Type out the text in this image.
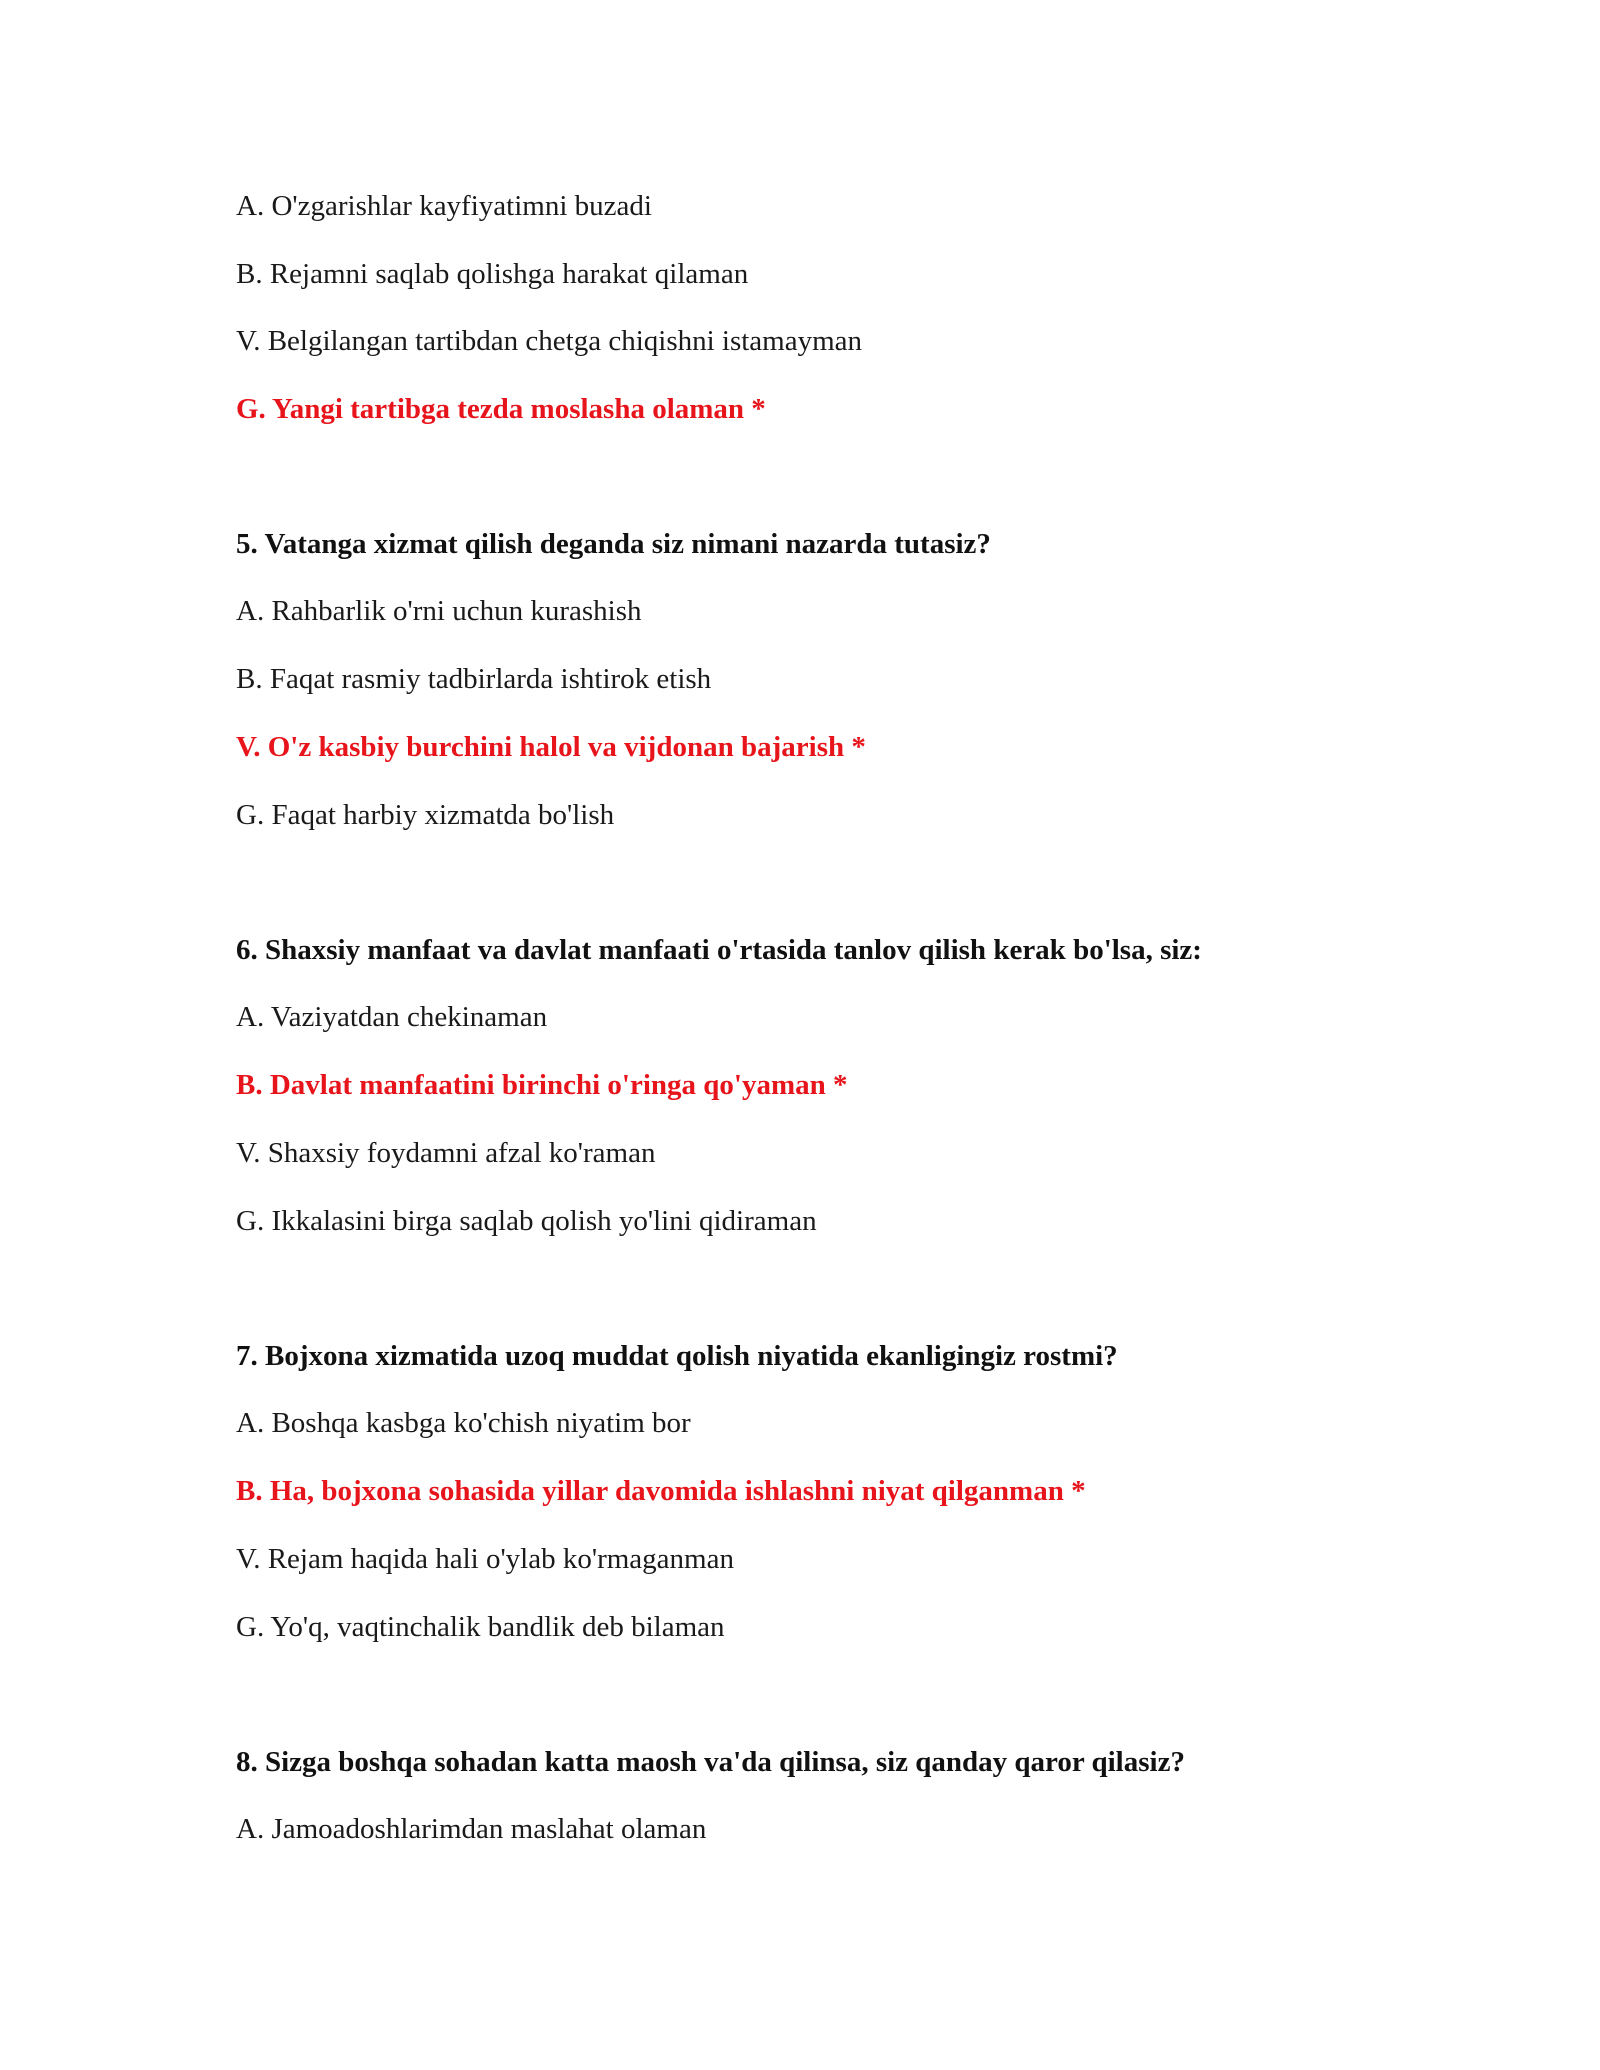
A. O'zgarishlar kayfiyatimni buzadi
B. Rejamni saqlab qolishga harakat qilaman
V. Belgilangan tartibdan chetga chiqishni istamayman
G. Yangi tartibga tezda moslasha olaman *
5. Vatanga xizmat qilish deganda siz nimani nazarda tutasiz?
A. Rahbarlik o'rni uchun kurashish
B. Faqat rasmiy tadbirlarda ishtirok etish
V. O'z kasbiy burchini halol va vijdonan bajarish *
G. Faqat harbiy xizmatda bo'lish
6. Shaxsiy manfaat va davlat manfaati o'rtasida tanlov qilish kerak bo'lsa, siz:
A. Vaziyatdan chekinaman
B. Davlat manfaatini birinchi o'ringa qo'yaman *
V. Shaxsiy foydamni afzal ko'raman
G. Ikkalasini birga saqlab qolish yo'lini qidiraman
7. Bojxona xizmatida uzoq muddat qolish niyatida ekanligingiz rostmi?
A. Boshqa kasbga ko'chish niyatim bor
B. Ha, bojxona sohasida yillar davomida ishlashni niyat qilganman *
V. Rejam haqida hali o'ylab ko'rmaganman
G. Yo'q, vaqtinchalik bandlik deb bilaman
8. Sizga boshqa sohadan katta maosh va'da qilinsa, siz qanday qaror qilasiz?
A. Jamoadoshlarimdan maslahat olaman
